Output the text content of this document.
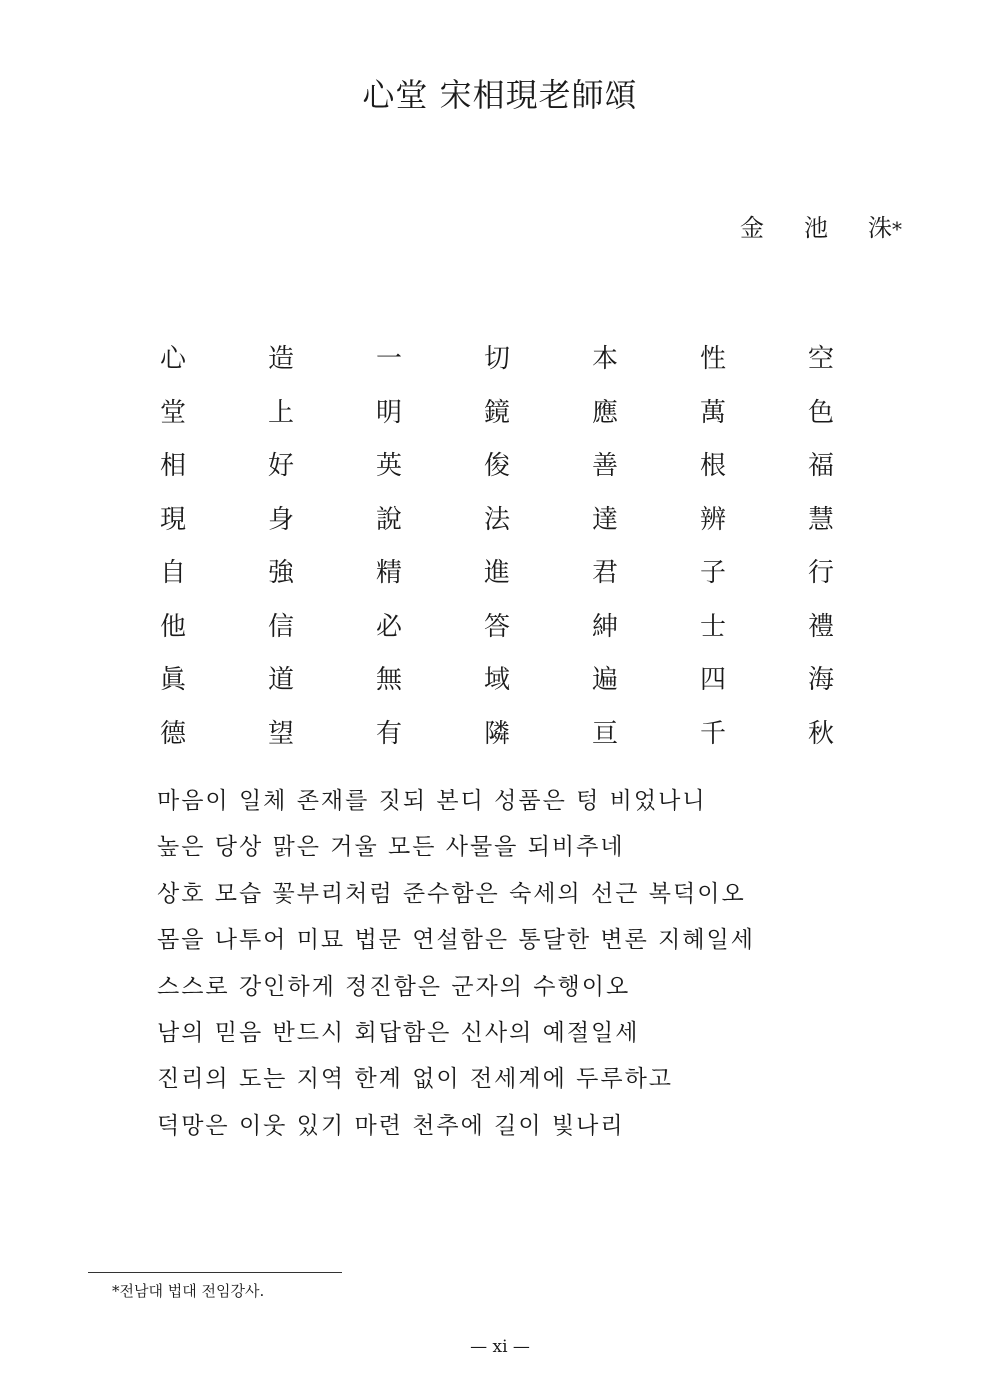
心堂 宋相現老師頌
金 池 洙 *
心	造	一	切	本	性	空
堂	上	明	鏡	應	萬	色
相	好	英	俊	善	根	福
現	身	說	法	達	辨	慧
自	強	精	進	君	子	行
他	信	必	答	紳	士	禮
眞	道	無	域	遍	四	海
德	望	有	隣	亘	千	秋
마음이 일체 존재를 짓되 본디 성품은 텅 비었나니
높은 당상 맑은 거울 모든 사물을 되비추네
상호 모습 꽃부리처럼 준수함은 숙세의 선근 복덕이오
몸을 나투어 미묘 법문 연설함은 통달한 변론 지혜일세
스스로 강인하게 정진함은 군자의 수행이오
남의 믿음 반드시 회답함은 신사의 예절일세
진리의 도는 지역 한계 없이 전세계에 두루하고
덕망은 이웃 있기 마련 천추에 길이 빛나리
*전남대 법대 전임강사.
— xi —
